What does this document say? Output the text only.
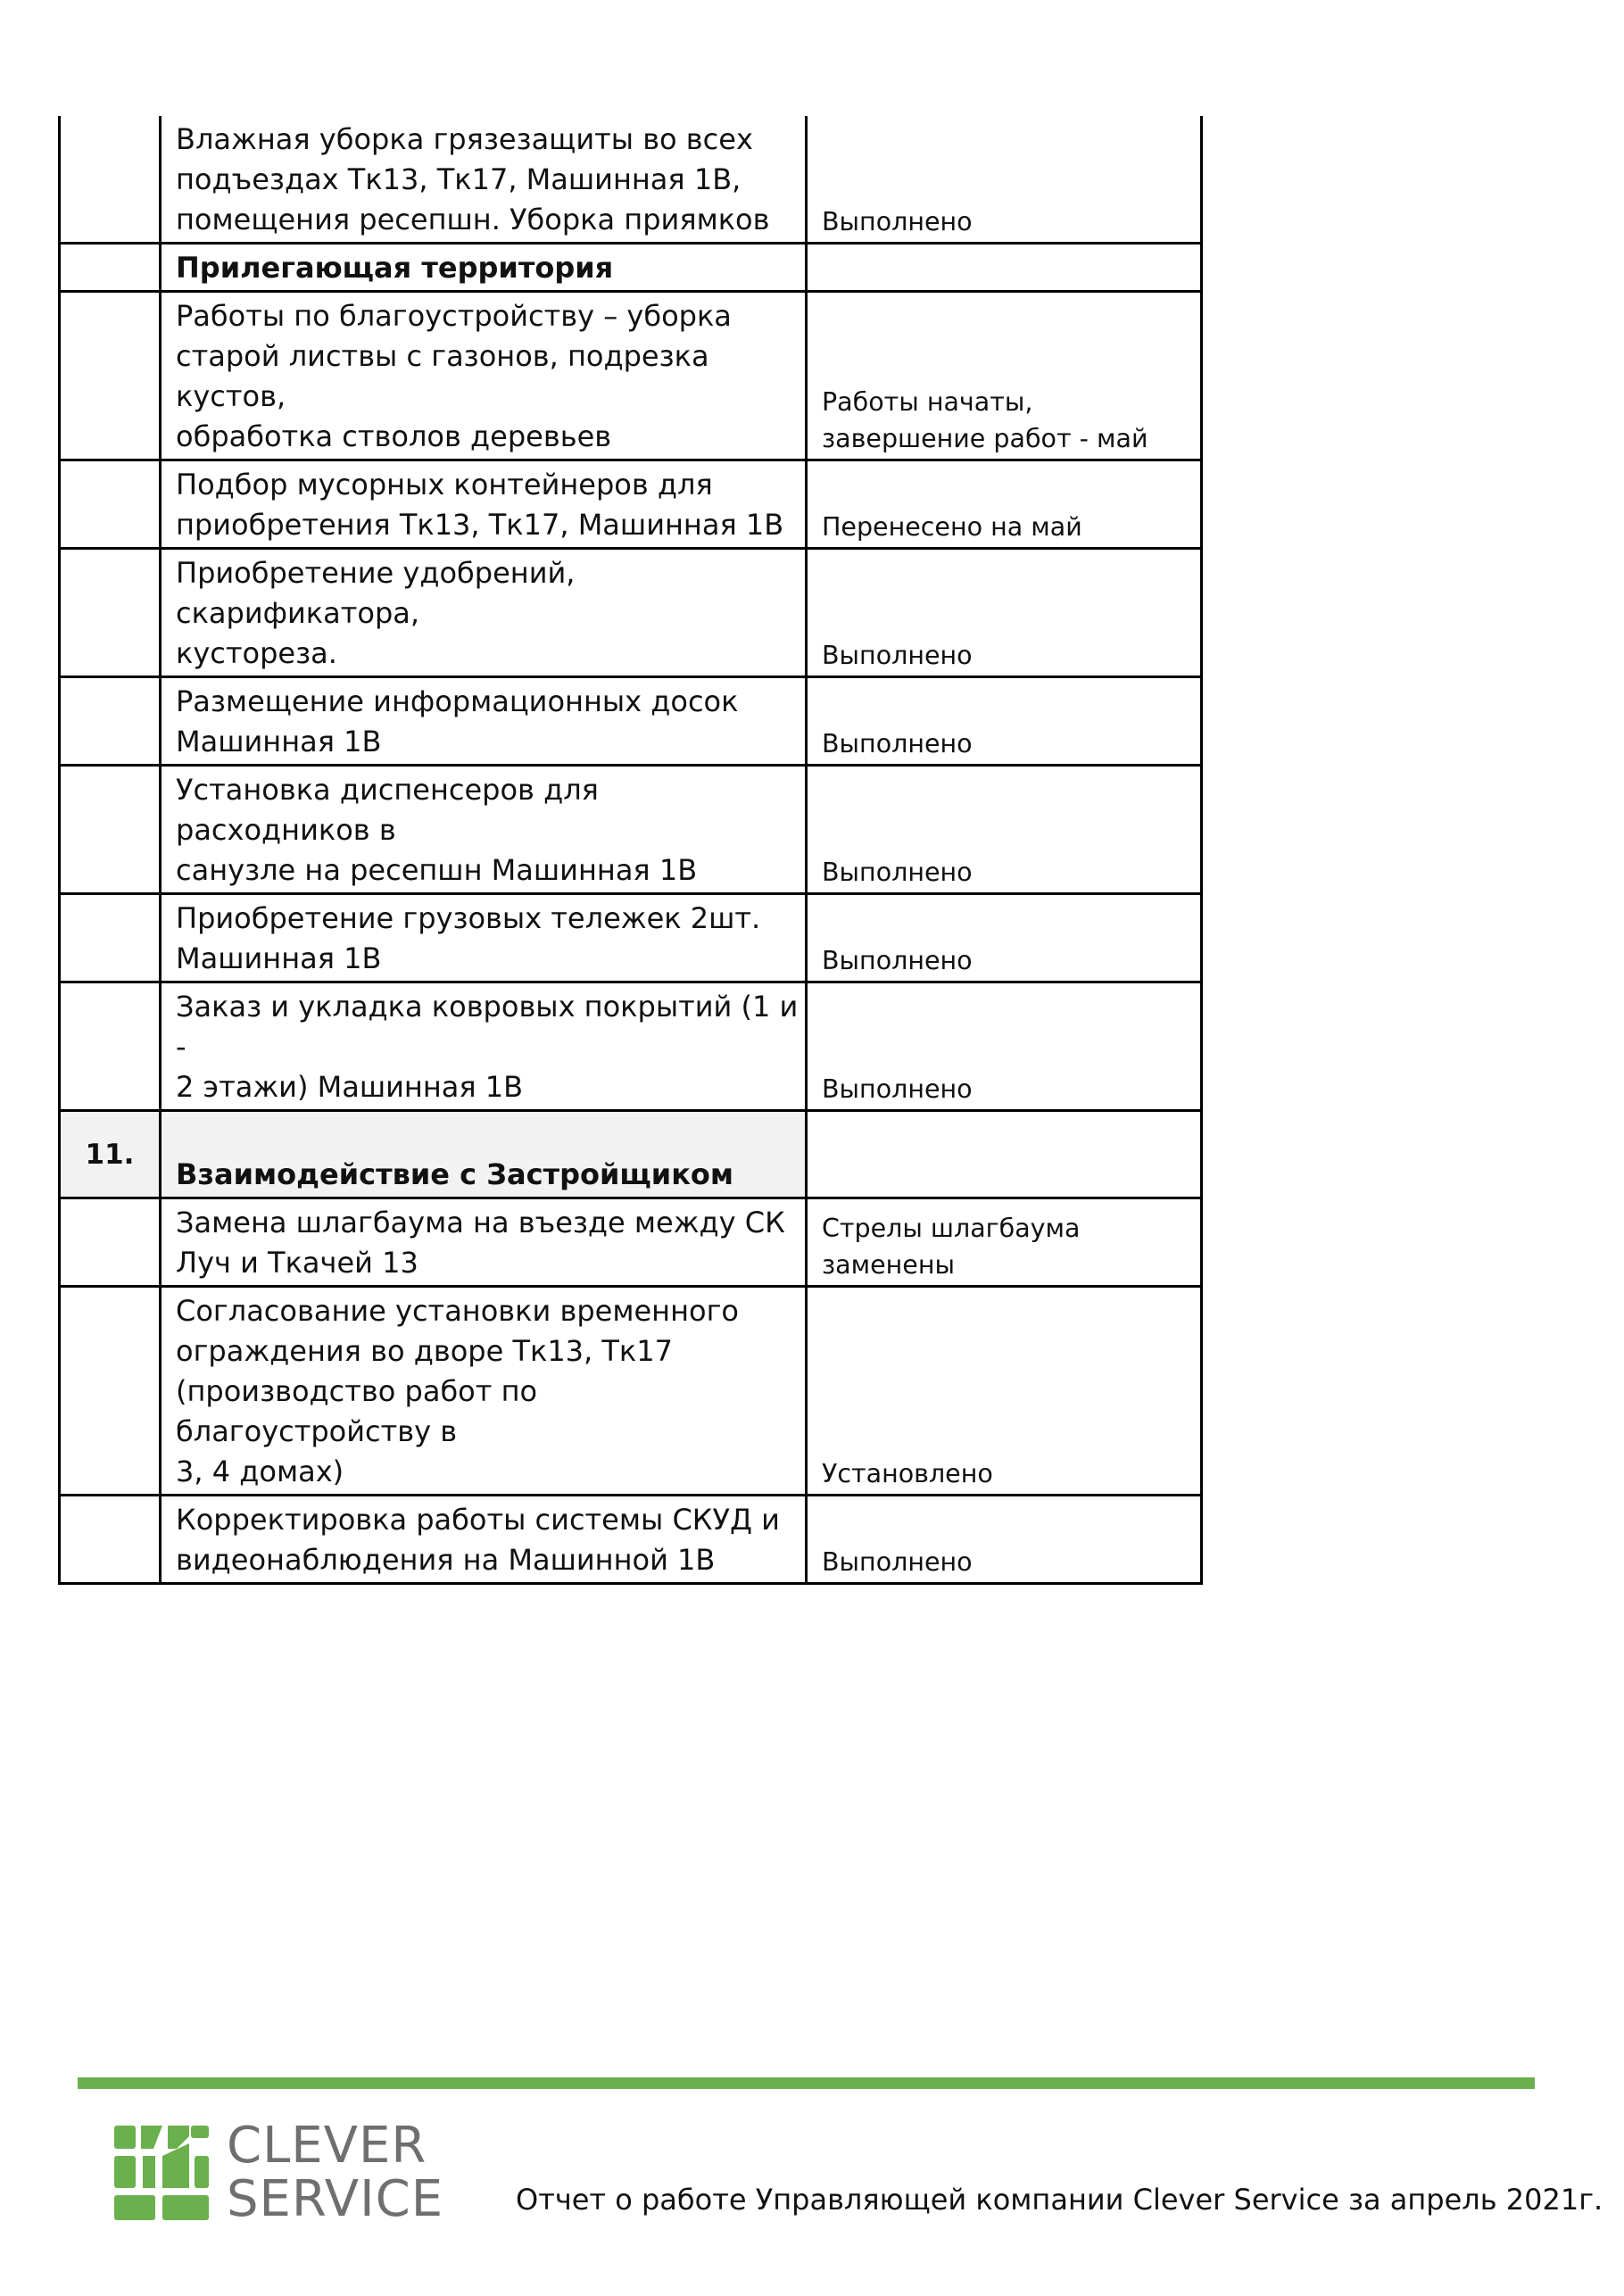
	Влажная уборка грязезащиты во всех
подъездах Тк13, Тк17, Машинная 1В,
помещения ресепшн. Уборка приямков	Выполнено

	Прилегающая территория	

	Работы по благоустройству – уборка
старой листвы с газонов, подрезка кустов,
обработка стволов деревьев	Работы начаты,
завершение работ - май

	Подбор мусорных контейнеров для
приобретения Тк13, Тк17, Машинная 1В	Перенесено на май

	Приобретение удобрений, скарификатора,
кустореза.	Выполнено

	Размещение информационных досок
Машинная 1В	Выполнено

	Установка диспенсеров для расходников в
санузле на ресепшн Машинная 1В	Выполнено

	Приобретение грузовых тележек 2шт.
Машинная 1В	Выполнено

	Заказ и укладка ковровых покрытий (1 и -
2 этажи) Машинная 1В	Выполнено

11.	Взаимодействие с Застройщиком	

	Замена шлагбаума на въезде между СК
Луч и Ткачей 13	Стрелы шлагбаума
заменены

	Согласование установки временного
ограждения во дворе Тк13, Тк17
(производство работ по благоустройству в
3, 4 домах)	Установлено

	Корректировка работы системы СКУД и
видеонаблюдения на Машинной 1В	Выполнено
CLEVER
SERVICE	Отчет о работе Управляющей компании Clever Service за апрель 2021г.
